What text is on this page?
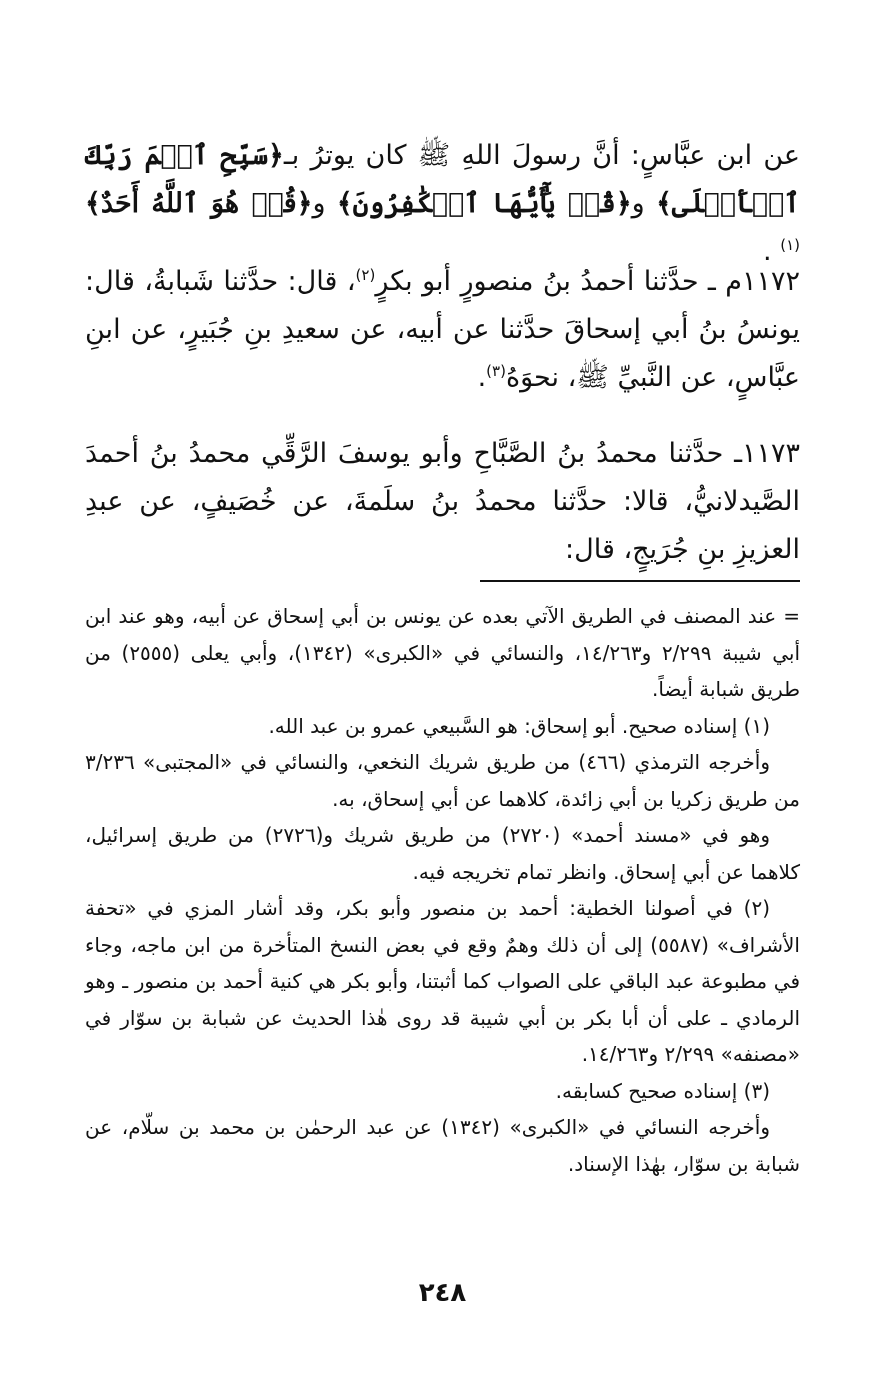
عن ابن عبَّاسٍ: أنَّ رسولَ اللهِ ﷺ كان يوترُ بـ﴿سَبِّحِ ٱسۡمَ رَبِّكَ ٱلۡأَعۡلَى﴾ و﴿قُلۡ يَٰٓأَيُّهَا ٱلۡكَٰفِرُونَ﴾ و﴿قُلۡ هُوَ ٱللَّهُ أَحَدٌ﴾$^{(١)}$ .
١١٧٢م ـ حدَّثنا أحمدُ بنُ منصورٍ أبو بكرٍ$^{(٢)}$، قال: حدَّثنا شَبابةُ، قال: يونسُ بنُ أبي إسحاقَ حدَّثنا عن أبيه، عن سعيدِ بنِ جُبَيرٍ، عن ابنِ عبَّاسٍ، عن النَّبيِّ ﷺ، نحوَهُ$^{(٣)}$.
١١٧٣ـ حدَّثنا محمدُ بنُ الصَّبَّاحِ وأبو يوسفَ الرَّقِّي محمدُ بنُ أحمدَ الصَّيدلانيُّ، قالا: حدَّثنا محمدُ بنُ سلَمةَ، عن خُصَيفٍ، عن عبدِ العزيزِ بنِ جُرَيجٍ، قال:

= عند المصنف في الطريق الآتي بعده عن يونس بن أبي إسحاق عن أبيه، وهو عند ابن أبي شيبة ٢/٢٩٩ و١٤/٢٦٣، والنسائي في «الكبرى» (١٣٤٢)، وأبي يعلى (٢٥٥٥) من طريق شبابة أيضاً.

(١) إسناده صحيح. أبو إسحاق: هو السَّبيعي عمرو بن عبد الله.

وأخرجه الترمذي (٤٦٦) من طريق شريك النخعي، والنسائي في «المجتبى» ٣/٢٣٦ من طريق زكريا بن أبي زائدة، كلاهما عن أبي إسحاق، به.

وهو في «مسند أحمد» (٢٧٢٠) من طريق شريك و(٢٧٢٦) من طريق إسرائيل، كلاهما عن أبي إسحاق. وانظر تمام تخريجه فيه.

(٢) في أصولنا الخطية: أحمد بن منصور وأبو بكر، وقد أشار المزي في «تحفة الأشراف» (٥٥٨٧) إلى أن ذلك وهمٌ وقع في بعض النسخ المتأخرة من ابن ماجه، وجاء في مطبوعة عبد الباقي على الصواب كما أثبتنا، وأبو بكر هي كنية أحمد بن منصور ـ وهو الرمادي ـ على أن أبا بكر بن أبي شيبة قد روى هٰذا الحديث عن شبابة بن سوّار في «مصنفه» ٢/٢٩٩ و١٤/٢٦٣.

(٣) إسناده صحيح كسابقه.

وأخرجه النسائي في «الكبرى» (١٣٤٢) عن عبد الرحمٰن بن محمد بن سلّام، عن شبابة بن سوّار، بهٰذا الإسناد.

٢٤٨
